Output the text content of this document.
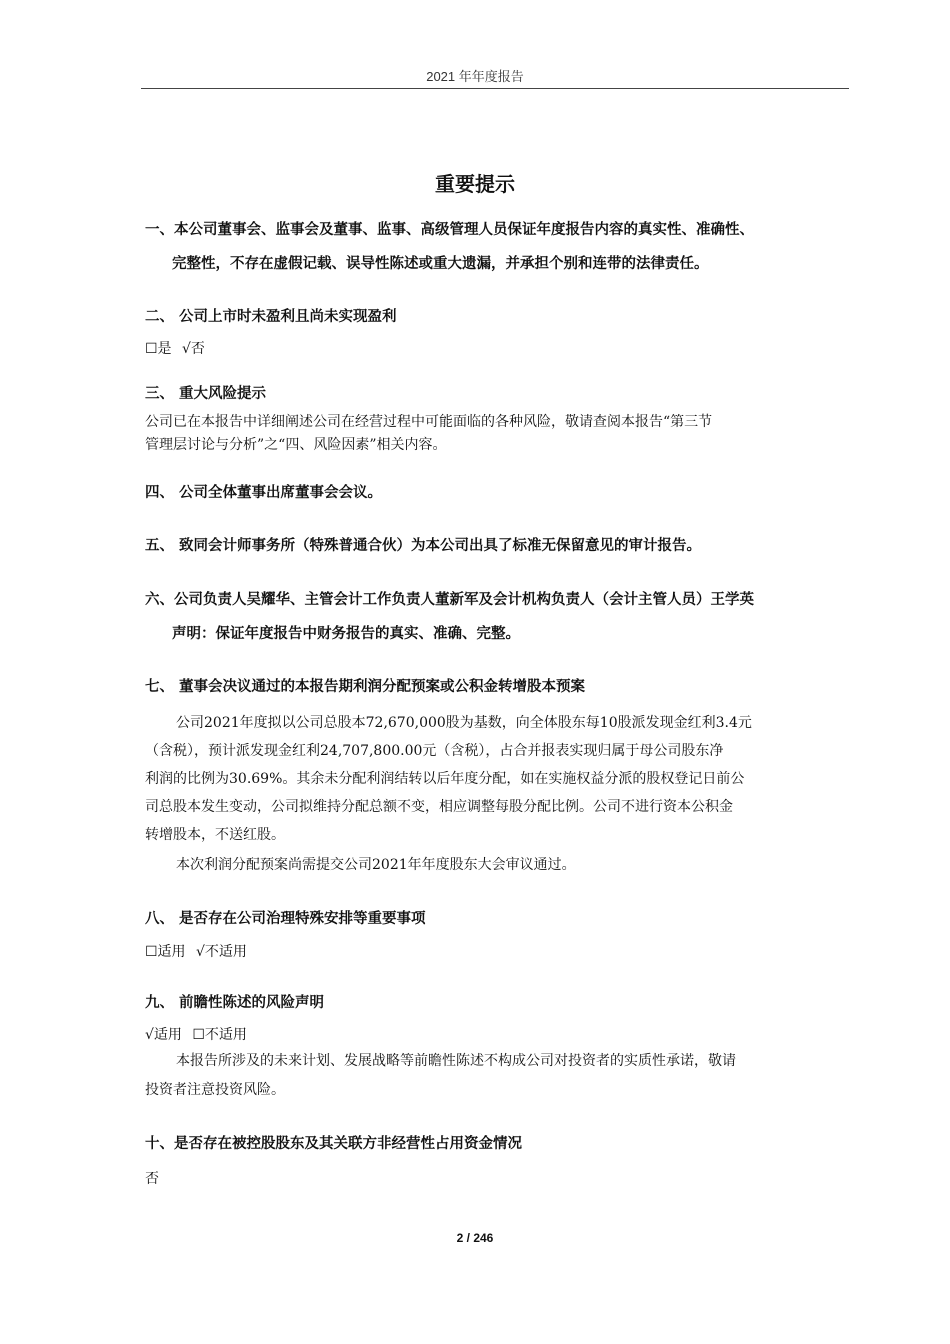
2021 年年度报告
重要提示
一、本公司董事会、监事会及董事、监事、高级管理人员保证年度报告内容的真实性、准确性、
完整性，不存在虚假记载、误导性陈述或重大遗漏，并承担个别和连带的法律责任。
二、 公司上市时未盈利且尚未实现盈利
☐是 √否
三、 重大风险提示
公司已在本报告中详细阐述公司在经营过程中可能面临的各种风险，敬请查阅本报告“第三节
管理层讨论与分析”之“四、风险因素”相关内容。
四、 公司全体董事出席董事会会议。
五、 致同会计师事务所（特殊普通合伙）为本公司出具了标准无保留意见的审计报告。
六、公司负责人吴耀华、主管会计工作负责人董新军及会计机构负责人（会计主管人员）王学英
声明：保证年度报告中财务报告的真实、准确、完整。
七、 董事会决议通过的本报告期利润分配预案或公积金转增股本预案
公司2021年度拟以公司总股本72,670,000股为基数，向全体股东每10股派发现金红利3.4元
（含税），预计派发现金红利24,707,800.00元（含税），占合并报表实现归属于母公司股东净
利润的比例为30.69%。其余未分配利润结转以后年度分配，如在实施权益分派的股权登记日前公
司总股本发生变动，公司拟维持分配总额不变，相应调整每股分配比例。公司不进行资本公积金
转增股本，不送红股。
本次利润分配预案尚需提交公司2021年年度股东大会审议通过。
八、 是否存在公司治理特殊安排等重要事项
☐适用 √不适用
九、 前瞻性陈述的风险声明
√适用 ☐不适用
本报告所涉及的未来计划、发展战略等前瞻性陈述不构成公司对投资者的实质性承诺，敬请
投资者注意投资风险。
十、是否存在被控股股东及其关联方非经营性占用资金情况
否
2 / 246
